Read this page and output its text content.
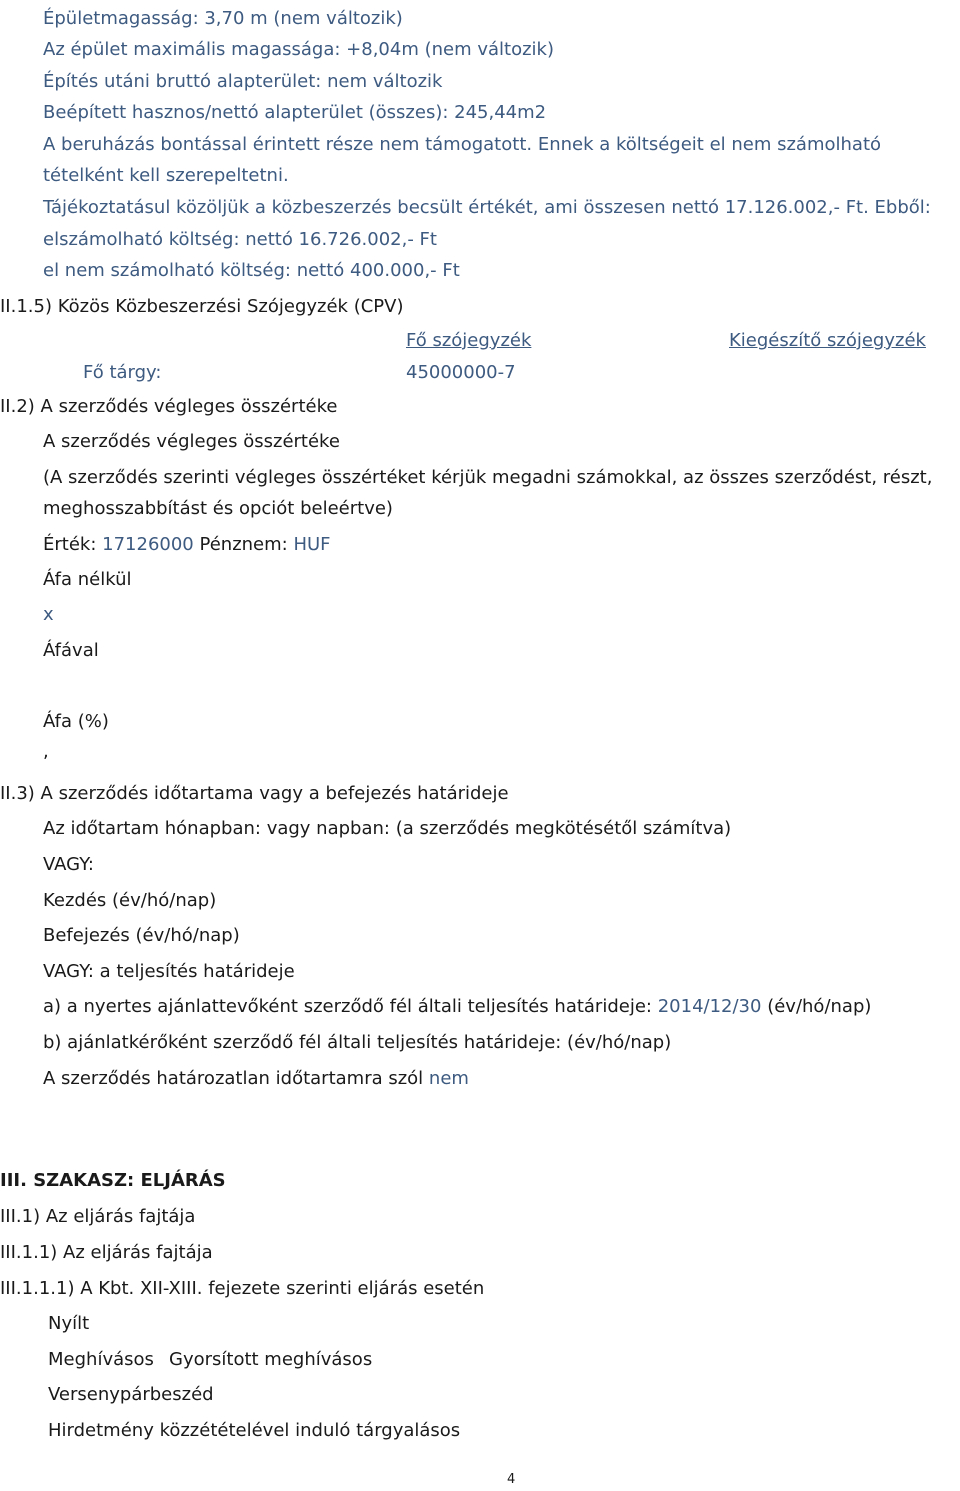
Épületmagasság: 3,70 m (nem változik)
Az épület maximális magassága: +8,04m (nem változik)
Építés utáni bruttó alapterület: nem változik
Beépített hasznos/nettó alapterület (összes): 245,44m2
A beruházás bontással érintett része nem támogatott. Ennek a költségeit el nem számolható
tételként kell szerepeltetni.
Tájékoztatásul közöljük a közbeszerzés becsült értékét, ami összesen nettó 17.126.002,- Ft. Ebből:
elszámolható költség: nettó 16.726.002,- Ft
el nem számolható költség: nettó 400.000,- Ft
II.1.5) Közös Közbeszerzési Szójegyzék (CPV)
Fő szójegyzék	Kiegészítő szójegyzék
Fő tárgy:	45000000-7
II.2) A szerződés végleges összértéke
A szerződés végleges összértéke
(A szerződés szerinti végleges összértéket kérjük megadni számokkal, az összes szerződést, részt,
meghosszabbítást és opciót beleértve)
Érték: 17126000 Pénznem: HUF
Áfa nélkül
x
Áfával
Áfa (%)
,
II.3) A szerződés időtartama vagy a befejezés határideje
Az időtartam hónapban: vagy napban: (a szerződés megkötésétől számítva)
VAGY:
Kezdés (év/hó/nap)
Befejezés (év/hó/nap)
VAGY: a teljesítés határideje
a) a nyertes ajánlattevőként szerződő fél általi teljesítés határideje: 2014/12/30 (év/hó/nap)
b) ajánlatkérőként szerződő fél általi teljesítés határideje: (év/hó/nap)
A szerződés határozatlan időtartamra szól nem
III. SZAKASZ: ELJÁRÁS
III.1) Az eljárás fajtája
III.1.1) Az eljárás fajtája
III.1.1.1) A Kbt. XII-XIII. fejezete szerinti eljárás esetén
Nyílt
Meghívásos Gyorsított meghívásos
Versenypárbeszéd
Hirdetmény közzétételével induló tárgyalásos
4
